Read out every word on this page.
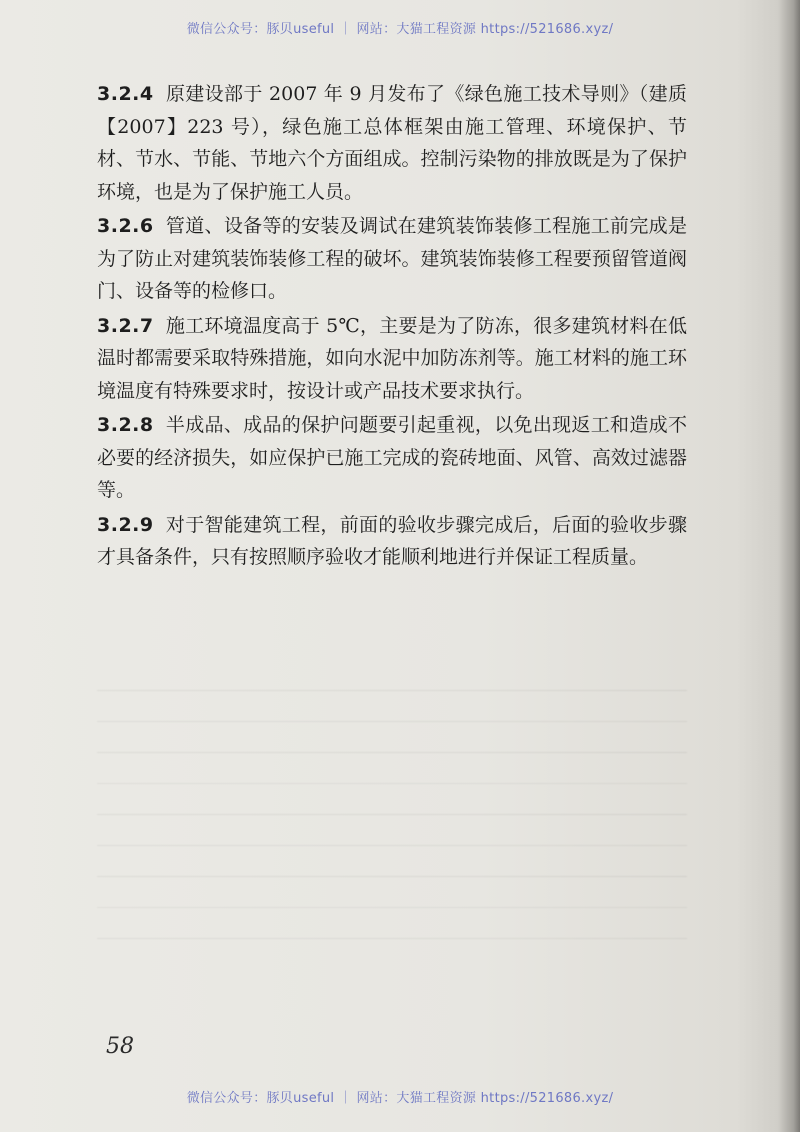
微信公众号：豚贝useful ｜ 网站：大猫工程资源 https://521686.xyz/

3.2.4 原建设部于 2007 年 9 月发布了《绿色施工技术导则》（建质【2007】223 号），绿色施工总体框架由施工管理、环境保护、节材、节水、节能、节地六个方面组成。控制污染物的排放既是为了保护环境，也是为了保护施工人员。

3.2.6 管道、设备等的安装及调试在建筑装饰装修工程施工前完成是为了防止对建筑装饰装修工程的破坏。建筑装饰装修工程要预留管道阀门、设备等的检修口。

3.2.7 施工环境温度高于 5℃，主要是为了防冻，很多建筑材料在低温时都需要采取特殊措施，如向水泥中加防冻剂等。施工材料的施工环境温度有特殊要求时，按设计或产品技术要求执行。

3.2.8 半成品、成品的保护问题要引起重视，以免出现返工和造成不必要的经济损失，如应保护已施工完成的瓷砖地面、风管、高效过滤器等。

3.2.9 对于智能建筑工程，前面的验收步骤完成后，后面的验收步骤才具备条件，只有按照顺序验收才能顺利地进行并保证工程质量。

58
微信公众号：豚贝useful ｜ 网站：大猫工程资源 https://521686.xyz/
